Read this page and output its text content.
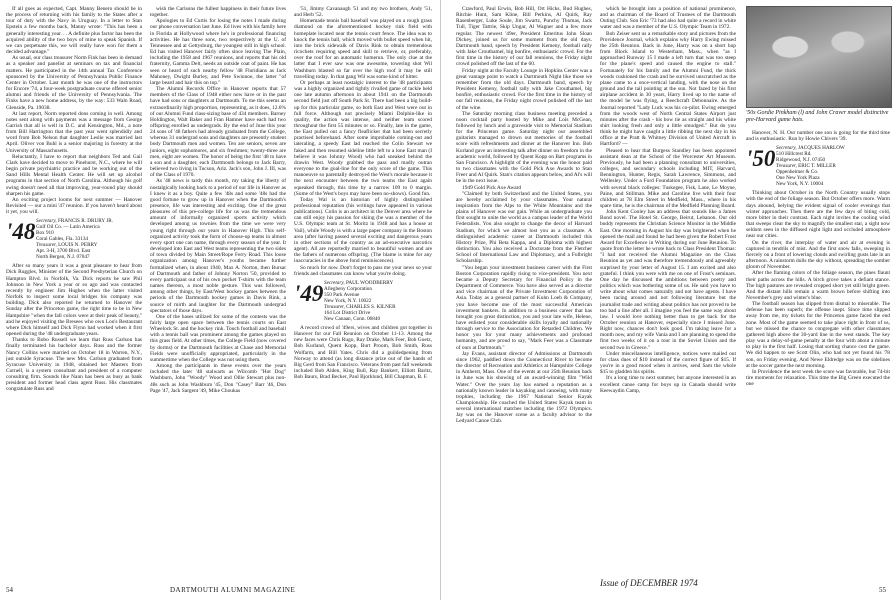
If all goes as expected, Capt. Manny Benero should be in the process of returning with his family to the States after a tour of duty with the Navy in Uruguay. In a letter to Stan Epstein a few months back, Manny wrote: "This has been a generally interesting year. . . A definite plus factor has been the acquired ability of the two boys of mine to speak Spanish. If we can perpetuate this, we will really have won for them a decided advantage."

As usual, our class treasurer Norm Fink has been in demand as a speaker and panelist at seminars on tax and financial matters. He participated in the 14th annual Tax Conference sponsored by the University of Pennsylvania Public Finance Center in October. Last month he was one of the instructors for Encore '74, a four-week postgraduate course offered senior alumni and friends of the University of Pennsylvania. The Finks have a new home address, by the way: 533 Waln Road, Glenside, Pa. 19038.

At last report, Norm reported dons coming in well. Among notes sent along with payments was a message from George Garrish that all is well in D.C. and Kensington, Md., a note from Bill Harrington that the past year went splendidly and word from Bob Nelson that daughter Leslie was married last April. Oliver von Buhl is a senior majoring in forestry at the University of Massachusetts.

Reluctantly, I have to report that neighbors Ted and Gail Clark have decided to move to Pinehurst, N.C., where he will begin private psychiatric practice and be working out of the Sand Hills Mental Health Center. He will set up alcohol programs in that section of North Carolina. Although his golf swing doesn't need all that improving, year-round play should sharpen his game.

An exciting project looms for next summer — Hanover Revisited — our a mini '47 reunion. If you haven't heard about it yet, you will.

'48 Secretary, FRANCIS R. DRURY JR.
Gulf Oil Co. — Latin America
Box 910
Coral Gables, Fla. 33134
Treasurer, LOUIS N. PERRY
Apt. 3-H, 3700 Blvd. East
North Bergen, N.J. 07047

After so many years it was a great pleasure to hear from Dick Ruggles, Minister of the Second Presbyterian Church on Hampton Blvd. in Norfolk, Va. Dick reports he saw Phil Johnson in New York a year or so ago and was contacted recently by engineer Jim Hughes when the latter visited Norfolk to inspect some local bridges his company was building. Dick also reported he returned to Hanover the Sunday after the Princeton game, the right time to be in New Hampshire "when the fall colors were at their peak of beauty," and he enjoyed visiting the Bresees who own Lou's Restaurant where Dick himself and Dick Flynn had worked when it first opened during the '48 undergraduate years.

Thanks to Bobo Russell we learn that Russ Carlson has finally terminated his bachelor days. Russ and the former Nancy Collins were married on October 18 in Warren, N.Y., just outside Syracuse. The new Mrs. Carlson graduated from Syracuse University in 1948, obtained her Masters from Cornell, is a system consultant and president of a computer consulting firm. Sounds like Nann has been as busy as bank president and former head class agent Russ. His classmates congratulate Russ and

wish the Carlsons the fullest happiness in their future lives together.

Apologies to Ed Curtis for losing the notes I made during our phone conversation last June. Ed lives with his family here in Florida at Hollywood where he's in professional financing activities. He has three sons, two respectively at the U. of Tennessee and at Gettysburg, the youngest still in high school. Ed has visited Hanover fairly often since leaving The Plain, including the 1958 and 1967 reunions, and reports that his old fraternity, Gamma Delt, needs an outside coat of paint. He has seen or heard of such nearby fellow '48 Floridians as Jack Mahoney, Dwight Burley, and Pete Swinnoe, the latter "of large beard and hair this on top."

The Alumni Records Office in Hanover reports that 57 members of the Class of 1948 either now have or in the past have had sons or daughters at Dartmouth. To me this seems an extraordinarily high proportion, representing, as it does, 12.6% of our Alumni Fund class-sizing base of 434 members. Barney Holdington, Walt Baker and Fran Hamner have each had two offspring enrolled as undergrads. By the end of June this year 24 sons of '48 fathers had already graduated from the College, whereas 31 undergrad sons and daughters are presently student body Dartmouth men and women. Ten are seniors, seven are juniors, eight sophomores, and six freshmen; twenty-three are men, eight are women. The honor of being the first '48 to have a son and a daughter, each Dartmouth belongs to Jack Barry, believed two living in Tucson, Ariz. Jack's son, John J. III, was of the Class of 1970.

As '48 news is tardy this month, my taking the liberty of nostalgically looking back to a period of our life in Hanover as I knew it as a boy. Quite a few '48s and some '48s had the good fortune to grow up in Hanover when the Dartmouth's presence, life was interesting and exciting. One of the great pleasures of this pre-college life for us was the tremendous amount of informally organized sports activity which developed among us townies from the time we were very young right through our years in Hanover High. This self-organized activity took the form of choose-up teams in almost every sport one can name, through every season of the year. It developed into East and West teams representing the two sides of town divided by Main Street/Rope Ferry Road. This loose organization among Hanover's youths became further formalized when, in about 1940, Max A. Norton, then Bursar of Dartmouth and father of Johnny Norton '50, provided to every participant out of his own pocket T-shirts with the team names thereon, a most noble gesture. This was followed, among other things, by East/West hockey games between the periods of the Dartmouth hockey games in Davis Rink, a source of mirth and laughter for the Dartmouth undergrad spectators of those days.

One of the bases utilized for some of the contests was the fairly large open space between the tennis courts on East Wheelock St. and the hockey rink. Touch football and baseball with a tennis ball was prominent among the games played on this grass field. At other times, the College Field (now covered by dorms) or the Dartmouth facilities at Chase and Memorial Fields were unofficially appropriated, particularly in the summertime when the College was not using them.

Among the participants in these events over the years included the later '48 stalwarts as Wilcomb "Hot Dog" Washburn, John "Woody" Wood and Ollie Stewart plus non-48s such as John Washburn '45, Don "Casey" Barr '46, Don Page '47, Jack Sargent '49, Mike Choukas

'51, Jimmy Cavanaugh '51 and my two brothers, Andy '51, and Herb '52.

Homemade tennis ball baseball was played on a rough grass diamond on the aforementioned hockey rink field with homeplate located near the tennis court fence. The idea was to knock the tennis ball, which moved with bullet speed when hit, into the brick sidewalk of Davis Rink to obtain tremendous ricochets requiring speed and skill to retrieve, or, preferably, over the roof for an automatic homerun. The only clue at the latter that I ever saw was one awesome, towering shot Wil Washburn blasted so far over the high roof it may be still travelling today. In that gang Wil was some kind of hitter.

Or perhaps at least nostalgic interest to the '48 participants was a highly organized and tightly rivalled game of tackle held one late autumn afternoon in about 1941 on the Dartmouth second field just off South Park St. There had been a big build-up for this particular game, so both East and West were out in full force. Although not precisely Miami Dolphin-like in quality, the action was intense, and neither team scored throughout the first 55 minutes or so. Finally, late in the game, the East pulled out a fancy fleaflicker that had been secretly practised beforehand. After some improbable coming-out and lateraling, a speedy East lad reached the Colin Stewart we faked and then resumed sideline little left to a lone East man (I believe it was Johnny Wood) who had sneaked behind the drawin West. Woody grabbed the pass and madly outran everyone to the goal-line for the only score of the game. This manoeuvre so parentally destroyed the West's morale because it the next encounter between the two teams the East again squeaked through, this time by a narrow 109 to 0 margin. (Some of the West's boys may have been no-shows). Good fun.

Today Wal is an historian of highly distinguished professional reputation (his writings have appeared in various publications). Colin is an architect in the Denver area where he can still enjoy his passion for skiing (he was a member of the U.S. Olympic team at St. Moritz in 1948 and has a house at Vail), while Woody is with a large paper company in the Boston area (after having passed several exciting and dangerous years in other sections of the country as an ad-executive narcotics agent). All are reportedly married to beautiful women and are the fathers of numerous offspring. (The blame is mine for any inaccuracies in the above fond reminiscences).

So much for now. Don't forget to pass me your news so your friends and classmates can know what you're doing.

'49 Secretary, PAUL WOODBERRY
Allegheny Corporation
350 Park Avenue
New York, N.Y. 10022
Treasurer, CHARLES S. KILNER
164 Lot District Drive
New Canaan, Conn. 06840

A record crowd of '49ers, wives and children got together in Hanover for our Fall Reunion on October 11-13. Among the new faces were Chris Rugo, Ray Drake, Mark Feer, Bob Goetz, Bob Kurland, Quent Kopp, Burt Proom, Bob Smith, Russ Wolfarm, and Bill Yates. Chris did a guildedpening from Norway to attend (as long distance prize out of the hands of Big Gerd from San Francisco. Veterans from past fall weekends included Bob Alden, King Bull, Ray Bankert, Elliott Baritz, Bob Baurs, Brad Becker, Paul Bjorklund, Bill Chapman, B. F.

54	DARTMOUTH ALUMNI MAGAZINE

Crawford, Paul Erwin, Bob Hill, Ort Hicks, Bud Hughes, Ritchie Hunt, Sam Kline, Bill Perkins, Al Quirk, Ray Rasenberger, Luke Soule, Jim Swartz, Punchy Thomas, Jack Tull, Tiger Tattrie, Skip Ungar, Al Wagner and a few more regular. The newest '49er, President Emeritus John Sloan Dickey, joined us for some moment from the old days. Dartmouth band, speech by President Kemeny, football rally with Jake Crouthamel, big bonfire, enthusiastic crowd. For the first time in the history of our fall reunions, the Friday night crowd polished off the last of the 60.

Friday night at the Faculty Lounge in Hopkins Center was a great vantage point to watch a Dartmouth Night like those we remember from the old days. Dartmouth band, speech by President Kemeny, football rally with Jake Crouthamel, big bonfire, enthusiastic crowd. For the first time in the history of our fall reunions, the Friday night crowd polished off the last of the wine.

The Saturday morning class business meeting preceded a noon cocktail party hosted by Mike and Lois McGean, followed by lunch and a graveside visit to Memorial Stadium for the Princeton game. Saturday night our assembled guitarists managed to drown out memories of the football score with refreshments and dinner at the Hanover Inn. Bob Kurland gave an interesting talk after dinner on freedom in the academic world, followed by Quent Kopp on Bart programs in San Francisco. A highlight of the evening was the honor paid to two classmates with the Gold Pick Axe Awards to Stan Freer and Al Quirk. Stan's citation appears below, and Al's will be in the next issue.

1949 Gold Pick Axe Award

"Claimed by both Switzerland and the United States, you are hereby acclaimed by your classmates. Your natural inspiration from the Alps to the White Mountains and the plains of Hanover was our gain. While an undergraduate you first sought to unite the world as a campus leader of the World Federalists. You also sought to change the decor of Harvard Stadium, for which we almost lost you as a classmate. A distinguished academic career at Dartmouth included this History Prize, Phi Beta Kappa, and a Diploma with highest distinction. You also received a Doctorate from the Fletcher School of International Law and Diplomacy, and a Fulbright Scholarship.

"You began your investment business career with the First Boston Corporation rapidly rising to vice-president. You next became a Deputy Secretary for Financial Policy in the Department of Commerce. You have also served as a director and vice chairman of the Private Investment Corporation of Asia. Today as a general partner of Kuhn Loeb & Company, you have become one of the most successful American investment bankers. In addition to a business career that has brought you great distinction, you and your late wife, Helene, have enlisted your considerable skills loyally and nationally through service to the Association for Retarded Children. We honor you for your many achievements and profound humanity, and are proud to say, "Mark Feer was a Classmate of ours at Dartmouth."

Jay Evans, assistant director of Admissions at Dartmouth since 1962, paddled down the Connecticut River to become the director of Recreation and Athletics at Hampshire College in Amherst, Mass. One of the events at our 25th Reunion back in June was his showing of an award-winning film "Wild Water." Over the years Jay has earned a reputation as a nationally known leader in kayaking and canoeing, with many trophies, including the 1967 National Senior Kayak Championship. He coached the United States Kayak team in several international matches including the 1972 Olympics. Jay was on the Hanover scene as a faculty advisor to the Ledyard Canoe Club.

which he brought into a position of national prominence, and as chairman of the Board of Trustees of the Dartmouth Outing Club. Son Eric '73 had also had quite a record in white water and was a member of the U.S. Olympic Team in 1972.

Bob Zeiser sent us a remarkable story and pictures from the Providence Journal, which explains why Harry Ewing missed the 25th Reunion. Back in June, Harry was on a short hop from Block Island to Westerham, Mass., when "as I approached Runway 15 I made a left turn that was too steep for the plane's speed and caused the engine to stall." Fortunately for his family and the Alumni Fund, the thick woods cushioned the crash and he survived unscratched as the plane came to a once-vertical landing, with the nose on the ground and the tail pointing at the sun. Not fazed by his first airplane accident in 30 years, Harry lived up to the name of the model he was flying, a Beechcraft Debonnaire. As the Journal reported "Lady Luck was his co-pilot. Ewing emerged from the woods west of North Central States Airport just minutes after the crash - his bow tie as straight and his white shirt looking fresh and only a little smudged." But do you think he might have caught a little ribbing the next day in his office at the Pratt & Whitney Division of United Aircraft in Hartford? —

Pleased to hear that Burgess Standley has been appointed assistant dean at the School of the Worcester Art Museum. Previously, he had been a planning consultant to universities, colleges, and secondary schools including MIT, Harvard, Bennington, Hunter, Regis, Sarah Lawrence, Simmons, and Wellesley. Under a Ford Foundation program he also worked with several black colleges: Tuskegee, Fisk, Lane, Le Moyne, Paine, and Stillman. Mike and Caroline live with their four children at 78 Elm Street in Medfield, Mass., where in his spare time, he is the chairman of the Medfield Planning Board.

John Kent Cooley has an address that sounds like a James Bond novel. The Hotel St. George, Beirut, Lebanon. Our old buddy represents the Christian Science Monitor in the Middle East. One morning in August his day was brightened when he opened the mail and found he had been given the Robert Frost Award for Excellence in Writing during our June Reunion. To quote from the letter he wrote back to Class President Thomas: "I had not received the Alumni Magazine on the Class Reunion as yet and was therefore tremendously and agreeably surprised by your letter of August 15. I am excited and also grateful. I think you were with me on one of Frost's seminars. One day he discussed the ambitions between poetry and politics which was bothering some of us. He said you have to write about what comes naturally and not have agents. I have been racing around and not following literature but the journalist trade and writing about politics has not proved to be too bad a line after all. I imagine you feel the same way about law. I would love nothing better than to get back for the October reunion at Hanover, especially since I missed June. Right now, chances don't look good. I'm taking leave for a month now, and my wife Vania and I are planning to spend the first two weeks of it on a tour in the Soviet Union and the second two in Greece."

Under miscellaneous intelligence, notices were mailed out for class dues of $10 instead of the correct figure of $15. If you're in a good mood when it arrives, send Sam the whole $15 to gladden his spirits.

It's a long time to next summer, but anyone interested in an excellent canoe camp for boys up in Canada should write Keewaydin Camp,

'50s Gordie Pinkham (l) and John Craver model distinctive pre-Harvard game hats.

Hanover, N. H. Our number one son is going for the third time and is enthusiastic. Run by Howie Chivers '39.

'50 Secretary, JACQUES HARLOW
510 Hillcrest Rd.
Ridgewood, N.J. 07450
Treasurer, ERIC T. MILLER
Oppenheimer & Co.
One New York Plaza
New York, N.Y. 10004

Thinking about October in the North Country usually stops with the end of the foliage season. But October offers more. Warm days abound, belying the evident signal of cooler evenings that winter approaches. Then there are the few days of biting cold, more bitter in their contrast. Each night invites the cooling wind that sweeps clear the sky to magnify the smallest star, a sight now seldom seen in the diffused night light and occluded atmosphere near our cities.

On the river, the interplay of water and air at evening is captured in tendrils of mist. And the first snow falls, sweeping in fiercely on a front of lowering clouds and swirling gusts late in an afternoon. A rainstorm dulls the sky without, spreading the somber gloom of November.

After the flaming colors of the foliage season, the pines flaunt their paths across the hills. A birch grove takes a defiant stance. The high pastures are revealed cropped short yet still bright green. And the distant hills remain a warm brown before shifting into November's grey and winter's blue.

The football season has slipped from dismal to miserable. The defense has been superb; the offense inept. Since time slipped away from me, my tickets for the Princeton game faced the end zone. Most of the game seemed to take place right in front of us, but we missed the chance to congregate with other classmates gathered high above the 30-yard line in the west stands. The key play was a delay-of-game penalty at the four with about a minute to play in the first half. Losing that sorting chance cost the game. We did happen to see Scott Olin, who had not yet found his '78 son, on Friday evening. And Newe Eldredge was on the sidelines at the soccer game the next morning.

In Providence the next week the score was favorable, but 74-bit tire moments for relaxation. This time the Big Green executed the one

Issue of DECEMBER 1974
55
